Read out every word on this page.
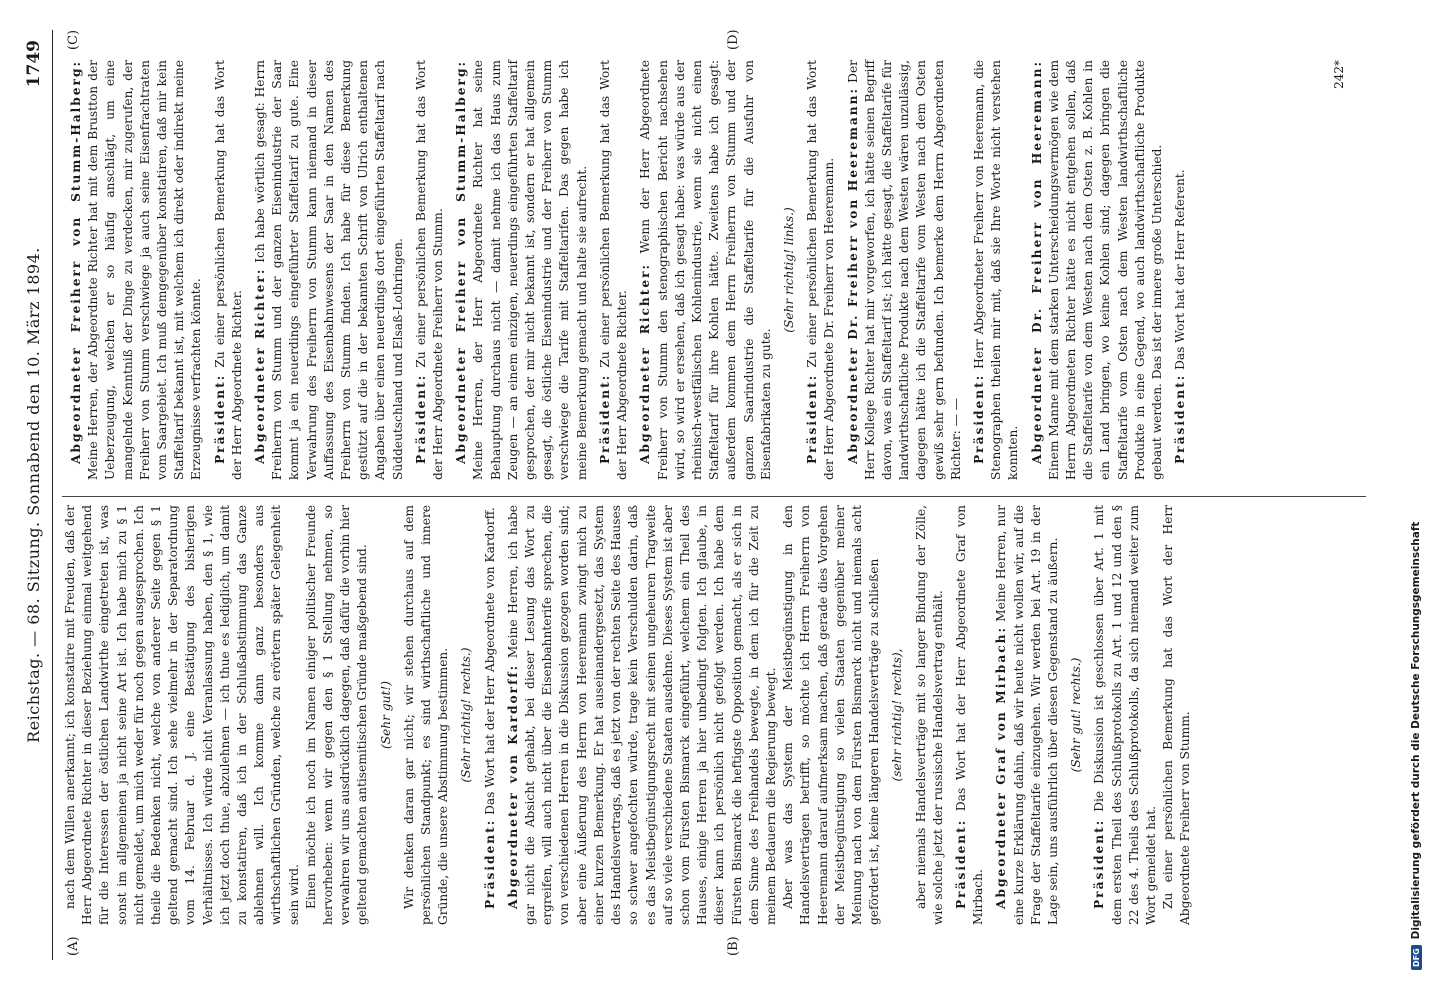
Reichstag. — 68. Sitzung. Sonnabend den 10. März 1894.
1749
(A)	(B)
(C)	(D)

nach dem Willen anerkannt; ich konstatire mit Freuden, daß der Herr Abgeordnete Richter in dieser Beziehung einmal weitgehend für die Interessen der östlichen Landwirthe eingetreten ist, was sonst im allgemeinen ja nicht seine Art ist. Ich habe mich zu § 1 nicht gemeldet, um mich weder für noch gegen ausgesprochen. Ich theile die Bedenken nicht, welche von anderer Seite gegen § 1 geltend gemacht sind. Ich sehe vielmehr in der Separatordnung vom 14. Februar d. J. eine Bestätigung des bisherigen Verhältnisses. Ich würde nicht Veranlassung haben, den § 1, wie ich jetzt doch thue, abzulehnen — ich thue es lediglich, um damit zu konstatiren, daß ich in der Schlußabstimmung das Ganze ablehnen will. Ich komme dann ganz besonders aus wirthschaftlichen Gründen, welche zu erörtern später Gelegenheit sein wird. Einen möchte ich noch im Namen einiger politischer Freunde hervorheben: wenn wir gegen den § 1 Stellung nehmen, so verwahren wir uns ausdrücklich dagegen, daß dafür die vorhin hier geltend gemachten antisemitischen Gründe maßgebend sind. (Sehr gut!) Wir denken daran gar nicht; wir stehen durchaus auf dem persönlichen Standpunkt; es sind wirthschaftliche und innere Gründe, die unsere Abstimmung bestimmen. (Sehr richtig! rechts.)

Präsident: Das Wort hat der Herr Abgeordnete von Kardorff. Abgeordneter von Kardorff: Meine Herren, ich habe gar nicht die Absicht gehabt, bei dieser Lesung das Wort zu ergreifen, will auch nicht über die Eisenbahnterife sprechen, die von verschiedenen Herren in die Diskussion gezogen worden sind; aber eine Äußerung des Herrn von Heeremann zwingt mich zu einer kurzen Bemerkung. Er hat auseinandergesetzt, das System des Handelsvertrags, daß es jetzt von der rechten Seite des Hauses so schwer angefochten würde, trage kein Verschulden darin, daß es das Meistbegünstigungsrecht mit seinen ungeheuren Tragweite auf so viele verschiedene Staaten ausdehne. Dieses System ist aber schon vom Fürsten Bismarck eingeführt, welchem ein Theil des Hauses, einige Herren ja hier unbedingt folgten. Ich glaube, in dieser kann ich persönlich nicht gefolgt werden. Ich habe dem Fürsten Bismarck die heftigste Opposition gemacht, als er sich in dem Sinne des Freihandels bewegte, in dem ich für die Zeit zu meinem Bedauern die Regierung bewegt. Aber was das System der Meistbegünstigung in den Handelsverträgen betrifft, so möchte ich Herrn Freiherrn von Heeremann darauf aufmerksam machen, daß gerade dies Vorgehen der Meistbegünstigung so vielen Staaten gegenüber meiner Meinung nach von dem Fürsten Bismarck nicht und niemals acht gefördert ist, keine längeren Handelsverträge zu schließen (sehr richtig! rechts), aber niemals Handelsverträge mit so langer Bindung der Zölle, wie solche jetzt der russische Handelsvertrag enthält. Präsident: Das Wort hat der Herr Abgeordnete Graf von Mirbach. Abgeordneter Graf von Mirbach: Meine Herren, nur eine kurze Erklärung dahin, daß wir heute nicht wollen wir, auf die Frage der Staffeltarife einzugehen. Wir werden bei Art. 19 in der Lage sein, uns ausführlich über diesen Gegenstand zu äußern. (Sehr gut! rechts.)

Präsident: Die Diskussion ist geschlossen über Art. 1 mit dem ersten Theil des Schlußprotokolls zu Art. 1 und 12 und den § 22 des 4. Theils des Schlußprotokolls, da sich niemand weiter zum Wort gemeldet hat. Zu einer persönlichen Bemerkung hat das Wort der Herr Abgeordnete Freiherr von Stumm.

Abgeordneter Freiherr von Stumm-Halberg: Meine Herren, der Abgeordnete Richter hat mit dem Brustton der Ueberzeugung, welchen er so häufig anschlägt, um eine mangelnde Kenntniß der Dinge zu verdecken, mir zugerufen, der Freiherr von Stumm verschwiege ja auch seine Eisenfrachtraten vom Saargebiet. Ich muß demgegenüber konstatiren, daß mir kein Staffeltarif bekannt ist, mit welchem ich direkt oder indirekt meine Erzeugnisse verfrachten könnte. Präsident: Zu einer persönlichen Bemerkung hat das Wort der Herr Abgeordnete Richter. Abgeordneter Richter: Ich habe wörtlich gesagt: Herrn Freiherrn von Stumm und der ganzen Eisenindustrie der Saar kommt ja ein neuerdings eingeführter Staffeltarif zu gute. Eine Verwahrung des Freiherrn von Stumm kann niemand in dieser Auffassung des Eisenbahnwesens der Saar in den Namen des Freiherrn von Stumm finden. Ich habe für diese Bemerkung gestützt auf die in der bekannten Schrift von Ulrich enthaltenen Angaben über einen neuerdings dort eingeführten Staffeltarif nach Süddeutschland und Elsaß-Lothringen. Präsident: Zu einer persönlichen Bemerkung hat das Wort der Herr Abgeordnete Freiherr von Stumm. Abgeordneter Freiherr von Stumm-Halberg: Meine Herren, der Herr Abgeordnete Richter hat seine Behauptung durchaus nicht — damit nehme ich das Haus zum Zeugen — an einem einzigen, neuerdings eingeführten Staffeltarif gesprochen, der mir nicht bekannt ist, sondern er hat allgemein gesagt, die östliche Eisenindustrie und der Freiherr von Stumm verschwiege die Tarife mit Staffeltarifen. Das gegen habe ich meine Bemerkung gemacht und halte sie aufrecht. Präsident: Zu einer persönlichen Bemerkung hat das Wort der Herr Abgeordnete Richter. Abgeordneter Richter: Wenn der Herr Abgeordnete Freiherr von Stumm den stenographischen Bericht nachsehen wird, so wird er ersehen, daß ich gesagt habe: was würde aus der rheinisch-westfälischen Kohlenindustrie, wenn sie nicht einen Staffeltarif für ihre Kohlen hätte. Zweitens habe ich gesagt: außerdem kommen dem Herrn Freiherrn von Stumm und der ganzen Saarindustrie die Staffeltarife für die Ausfuhr von Eisenfabrikaten zu gute.

(Sehr richtig! links.)

Präsident: Zu einer persönlichen Bemerkung hat das Wort der Herr Abgeordnete Dr. Freiherr von Heeremann. Abgeordneter Dr. Freiherr von Heeremann: Der Herr Kollege Richter hat mir vorgeworfen, ich hätte seinen Begriff davon, was ein Staffeltarif ist; ich hätte gesagt, die Staffeltarife für landwirthschaftliche Produkte nach dem Westen wären unzulässig, dagegen hätte ich die Staffeltarife vom Westen nach dem Osten gewiß sehr gern befunden. Ich bemerke dem Herrn Abgeordneten Richter: — — Präsident: Herr Abgeordneter Freiherr von Heeremann, die Stenographen theilen mir mit, daß sie Ihre Worte nicht verstehen konnten. Abgeordneter Dr. Freiherr von Heeremann: Einem Manne mit dem starken Unterscheidungsvermögen wie dem Herrn Abgeordneten Richter hätte es nicht entgehen sollen, daß die Staffeltarife von dem Westen nach dem Osten z. B. Kohlen in ein Land bringen, wo keine Kohlen sind; dagegen bringen die Staffeltarife vom Osten nach dem Westen landwirthschaftliche Produkte in eine Gegend, wo auch landwirthschaftliche Produkte gebaut werden. Das ist der innere große Unterschied. Präsident: Das Wort hat der Herr Referent.

242*
DFG
Digitalisierung gefördert durch die Deutsche Forschungsgemeinschaft
